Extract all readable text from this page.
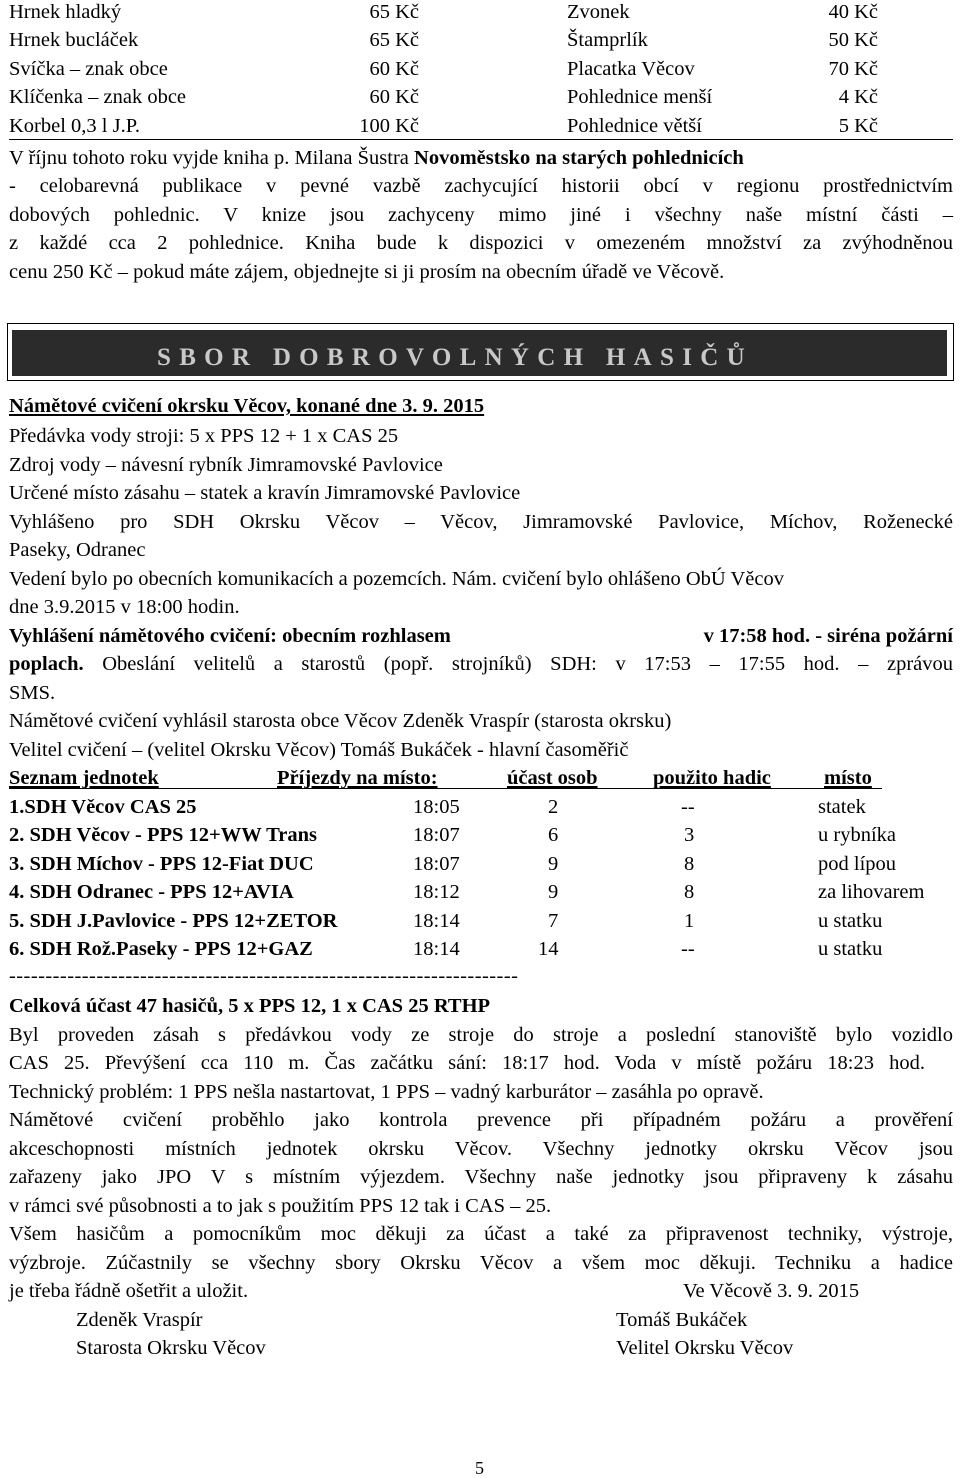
Hrnek hladký	65 Kč	Zvonek	40 Kč
Hrnek bucláček	65 Kč	Štamprlík	50 Kč
Svíčka – znak obce	60 Kč	Placatka Věcov	70 Kč
Klíčenka – znak obce	60 Kč	Pohlednice menší	4 Kč
Korbel 0,3 l J.P.	100 Kč	Pohlednice větší	5 Kč
V říjnu tohoto roku vyjde kniha p. Milana Šustra Novoměstsko na starých pohlednicích
- celobarevná publikace v pevné vazbě zachycující historii obcí v regionu prostřednictvím
dobových pohlednic. V knize jsou zachyceny mimo jiné i všechny naše místní části –
z každé cca 2 pohlednice. Kniha bude k dispozici v omezeném množství za zvýhodněnou
cenu 250 Kč – pokud máte zájem, objednejte si ji prosím na obecním úřadě ve Věcově.
SBOR DOBROVOLNÝCH HASIČŮ
Námětové cvičení okrsku Věcov, konané dne 3. 9. 2015
Předávka vody stroji: 5 x PPS 12 + 1 x CAS 25
Zdroj vody – návesní rybník Jimramovské Pavlovice
Určené místo zásahu – statek a kravín Jimramovské Pavlovice
Vyhlášeno pro SDH Okrsku Věcov – Věcov, Jimramovské Pavlovice, Míchov, Roženecké
Paseky, Odranec
Vedení bylo po obecních komunikacích a pozemcích. Nám. cvičení bylo ohlášeno ObÚ Věcov
dne 3.9.2015 v 18:00 hodin.
Vyhlášení námětového cvičení: obecním rozhlasem	v 17:58 hod. - siréna požární
poplach. Obeslání velitelů a starostů (popř. strojníků) SDH: v 17:53 – 17:55 hod. – zprávou
SMS.
Námětové cvičení vyhlásil starosta obce Věcov Zdeněk Vraspír (starosta okrsku)
Velitel cvičení – (velitel Okrsku Věcov) Tomáš Bukáček - hlavní časoměřič
Seznam jednotek	Příjezdy na místo:	účast osob	použito hadic	místo
1.SDH Věcov CAS 25	18:05	2	--	statek
2. SDH Věcov - PPS 12+WW Trans	18:07	6	3	u rybníka
3. SDH Míchov - PPS 12-Fiat DUC	18:07	9	8	pod lípou
4. SDH Odranec - PPS 12+AVIA	18:12	9	8	za lihovarem
5. SDH J.Pavlovice - PPS 12+ZETOR	18:14	7	1	u statku
6. SDH Rož.Paseky - PPS 12+GAZ	18:14	14	--	u statku
----------------------------------------------------------------------
Celková účast 47 hasičů, 5 x PPS 12, 1 x CAS 25 RTHP
Byl proveden zásah s předávkou vody ze stroje do stroje a poslední stanoviště bylo vozidlo
CAS 25. Převýšení cca 110 m. Čas začátku sání: 18:17 hod. Voda v místě požáru 18:23 hod.
Technický problém: 1 PPS nešla nastartovat, 1 PPS – vadný karburátor – zasáhla po opravě.
Námětové cvičení proběhlo jako kontrola prevence při případném požáru a prověření
akceschopnosti místních jednotek okrsku Věcov. Všechny jednotky okrsku Věcov jsou
zařazeny jako JPO V s místním výjezdem. Všechny naše jednotky jsou připraveny k zásahu
v rámci své působnosti a to jak s použitím PPS 12 tak i CAS – 25.
Všem hasičům a pomocníkům moc děkuji za účast a také za připravenost techniky, výstroje,
výzbroje. Zúčastnily se všechny sbory Okrsku Věcov a všem moc děkuji. Techniku a hadice
je třeba řádně ošetřit a uložit.	Ve Věcově 3. 9. 2015
Zdeněk Vraspír	Tomáš Bukáček
Starosta Okrsku Věcov	Velitel Okrsku Věcov
5
